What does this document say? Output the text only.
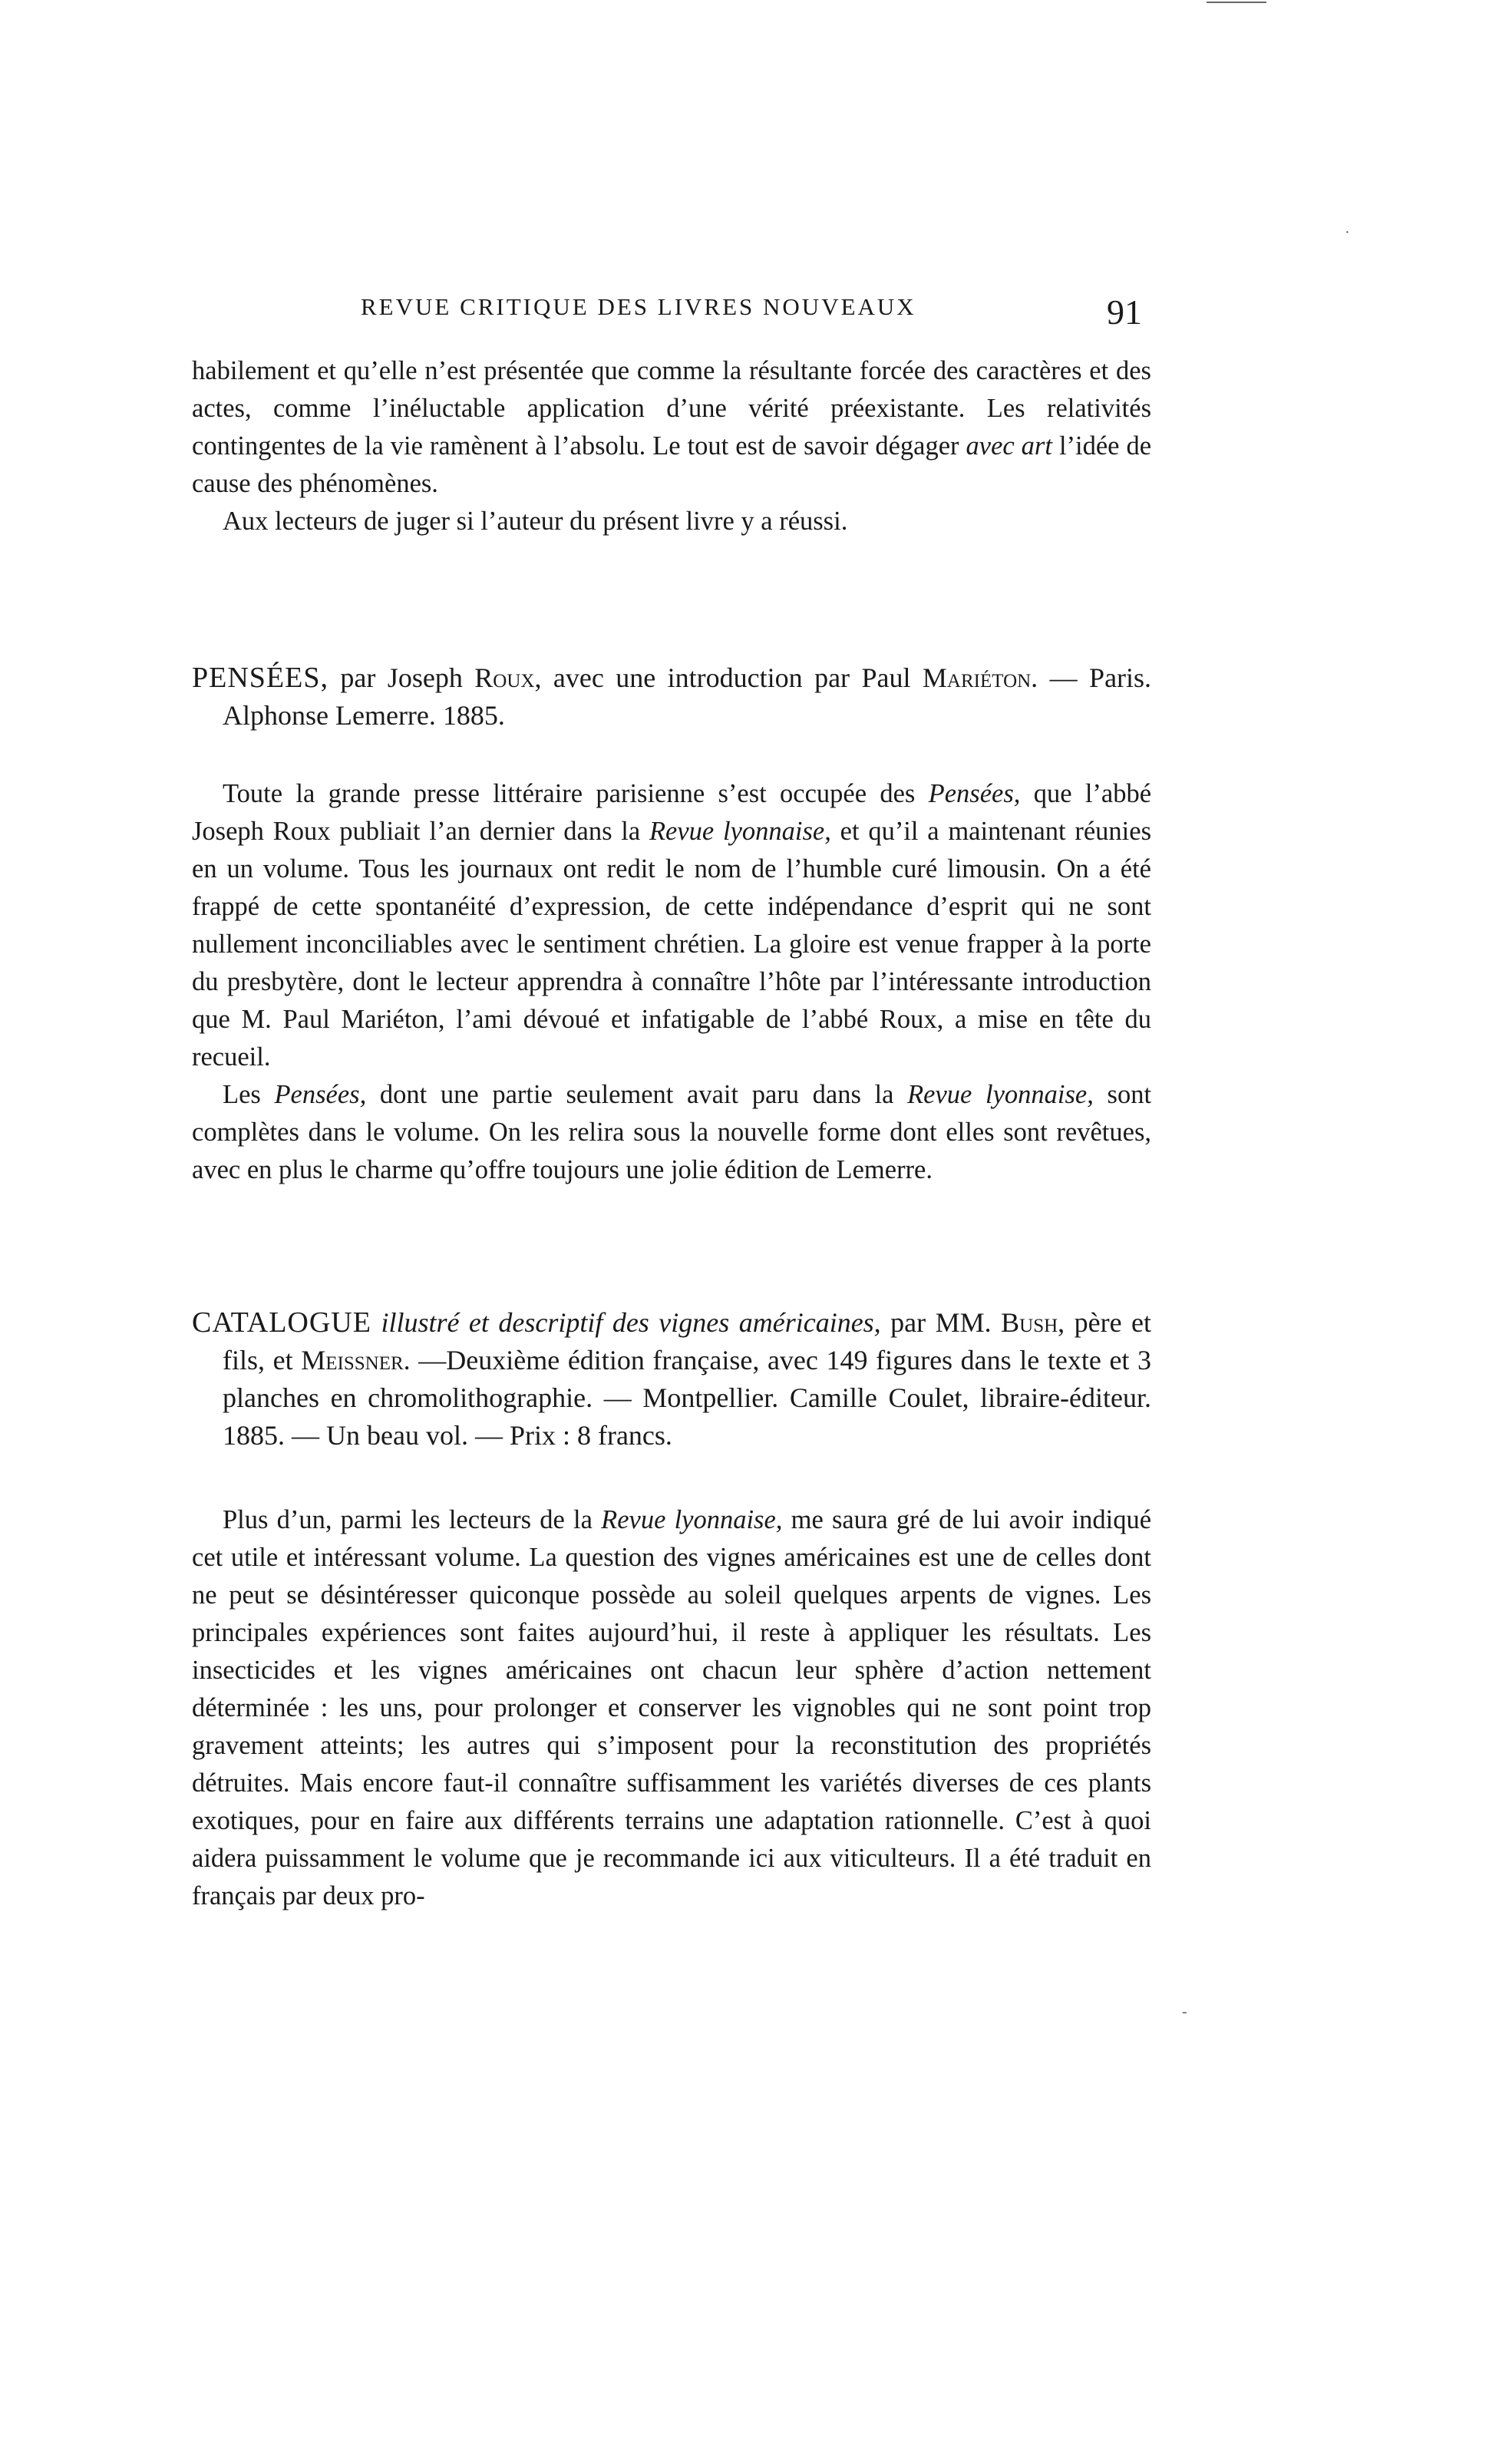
REVUE CRITIQUE DES LIVRES NOUVEAUX	91

habilement et qu’elle n’est présentée que comme la résultante forcée des caractères et des actes, comme l’inéluctable application d’une vérité préexistante. Les relativités contingentes de la vie ramènent à l’absolu. Le tout est de savoir dégager avec art l’idée de cause des phénomènes.

Aux lecteurs de juger si l’auteur du présent livre y a réussi.

PENSÉES, par Joseph Roux, avec une introduction par Paul Mariéton. — Paris. Alphonse Lemerre. 1885.

Toute la grande presse littéraire parisienne s’est occupée des Pensées, que l’abbé Joseph Roux publiait l’an dernier dans la Revue lyonnaise, et qu’il a maintenant réunies en un volume. Tous les journaux ont redit le nom de l’humble curé limousin. On a été frappé de cette spontanéité d’expression, de cette indépendance d’esprit qui ne sont nullement inconciliables avec le sentiment chrétien. La gloire est venue frapper à la porte du presbytère, dont le lecteur apprendra à connaître l’hôte par l’intéressante introduction que M. Paul Mariéton, l’ami dévoué et infatigable de l’abbé Roux, a mise en tête du recueil.

Les Pensées, dont une partie seulement avait paru dans la Revue lyonnaise, sont complètes dans le volume. On les relira sous la nouvelle forme dont elles sont revêtues, avec en plus le charme qu’offre toujours une jolie édition de Lemerre.

CATALOGUE illustré et descriptif des vignes américaines, par MM. Bush, père et fils, et Meissner. —Deuxième édition française, avec 149 figures dans le texte et 3 planches en chromolithographie. — Montpellier. Camille Coulet, libraire-éditeur. 1885. — Un beau vol. — Prix : 8 francs.

Plus d’un, parmi les lecteurs de la Revue lyonnaise, me saura gré de lui avoir indiqué cet utile et intéressant volume. La question des vignes américaines est une de celles dont ne peut se désintéresser quiconque possède au soleil quelques arpents de vignes. Les principales expériences sont faites aujourd’hui, il reste à appliquer les résultats. Les insecticides et les vignes américaines ont chacun leur sphère d’action nettement déterminée : les uns, pour prolonger et conserver les vignobles qui ne sont point trop gravement atteints; les autres qui s’imposent pour la reconstitution des propriétés détruites. Mais encore faut-il connaître suffisamment les variétés diverses de ces plants exotiques, pour en faire aux différents terrains une adaptation rationnelle. C’est à quoi aidera puissamment le volume que je recommande ici aux viticulteurs. Il a été traduit en français par deux pro-

·
-
